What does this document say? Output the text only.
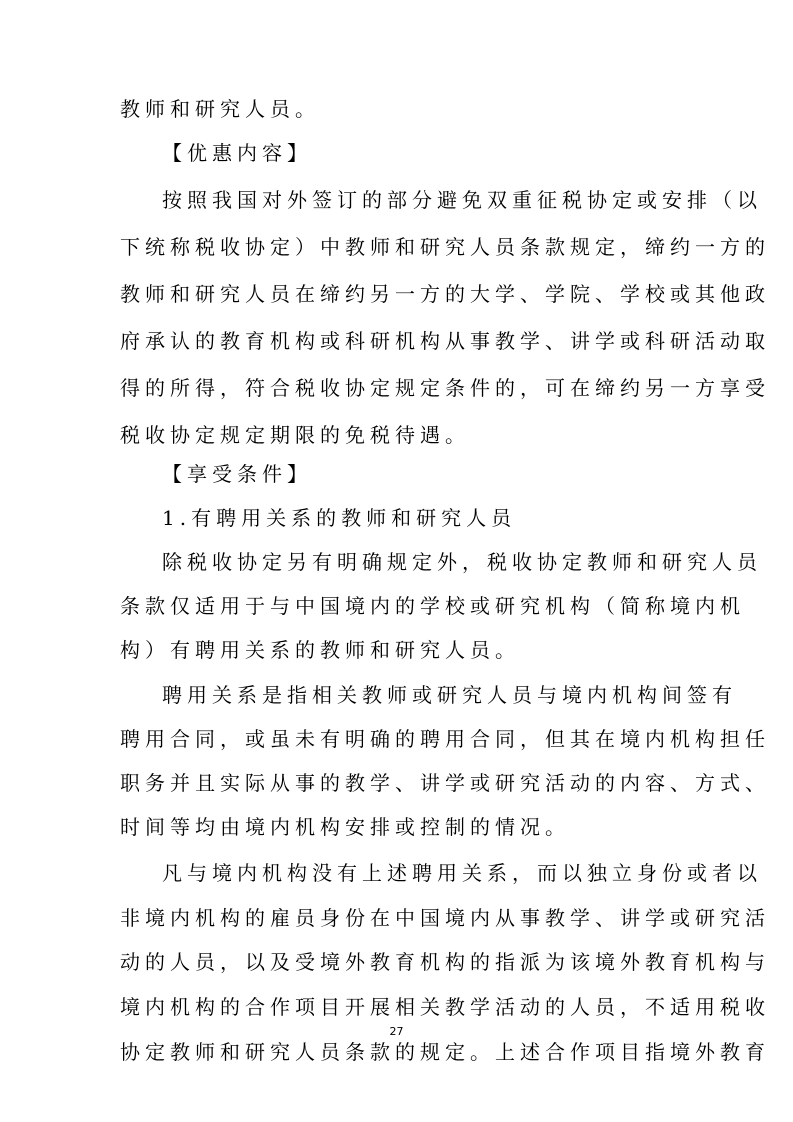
教师和研究人员。
【优惠内容】
按照我国对外签订的部分避免双重征税协定或安排（以
下统称税收协定）中教师和研究人员条款规定，缔约一方的
教师和研究人员在缔约另一方的大学、学院、学校或其他政
府承认的教育机构或科研机构从事教学、讲学或科研活动取
得的所得，符合税收协定规定条件的，可在缔约另一方享受
税收协定规定期限的免税待遇。
【享受条件】
1.有聘用关系的教师和研究人员
除税收协定另有明确规定外，税收协定教师和研究人员
条款仅适用于与中国境内的学校或研究机构（简称境内机
构）有聘用关系的教师和研究人员。
聘用关系是指相关教师或研究人员与境内机构间签有
聘用合同，或虽未有明确的聘用合同，但其在境内机构担任
职务并且实际从事的教学、讲学或研究活动的内容、方式、
时间等均由境内机构安排或控制的情况。
凡与境内机构没有上述聘用关系，而以独立身份或者以
非境内机构的雇员身份在中国境内从事教学、讲学或研究活
动的人员，以及受境外教育机构的指派为该境外教育机构与
境内机构的合作项目开展相关教学活动的人员，不适用税收
协定教师和研究人员条款的规定。上述合作项目指境外教育
27
